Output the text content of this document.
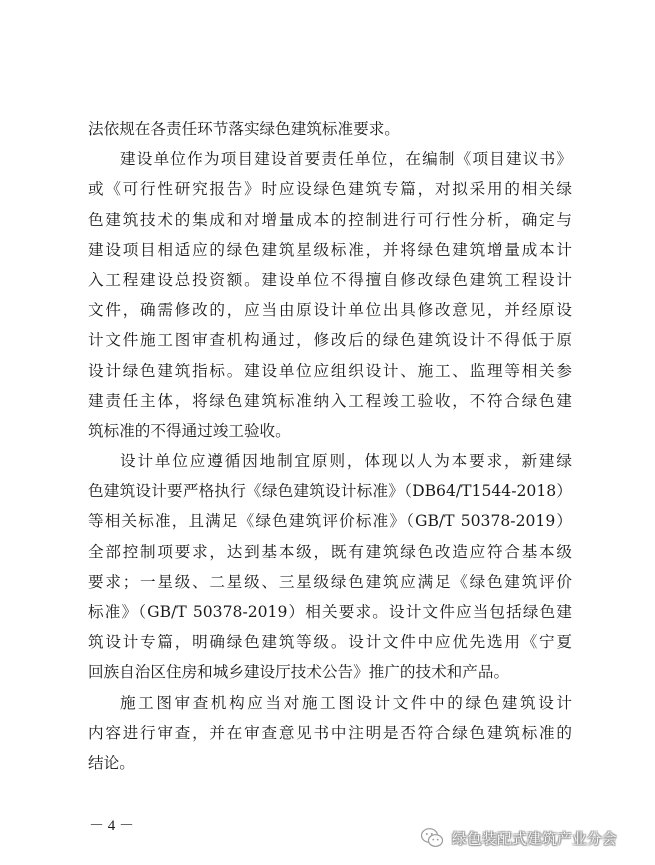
法依规在各责任环节落实绿色建筑标准要求。
建设单位作为项目建设首要责任单位，在编制《项目建议书》
或《可行性研究报告》时应设绿色建筑专篇，对拟采用的相关绿
色建筑技术的集成和对增量成本的控制进行可行性分析，确定与
建设项目相适应的绿色建筑星级标准，并将绿色建筑增量成本计
入工程建设总投资额。建设单位不得擅自修改绿色建筑工程设计
文件，确需修改的，应当由原设计单位出具修改意见，并经原设
计文件施工图审查机构通过，修改后的绿色建筑设计不得低于原
设计绿色建筑指标。建设单位应组织设计、施工、监理等相关参
建责任主体，将绿色建筑标准纳入工程竣工验收，不符合绿色建
筑标准的不得通过竣工验收。
设计单位应遵循因地制宜原则，体现以人为本要求，新建绿
色建筑设计要严格执行《绿色建筑设计标准》（DB64/T1544-2018）
等相关标准，且满足《绿色建筑评价标准》（GB/T 50378-2019）
全部控制项要求，达到基本级，既有建筑绿色改造应符合基本级
要求；一星级、二星级、三星级绿色建筑应满足《绿色建筑评价
标准》（GB/T 50378-2019）相关要求。设计文件应当包括绿色建
筑设计专篇，明确绿色建筑等级。设计文件中应优先选用《宁夏
回族自治区住房和城乡建设厅技术公告》推广的技术和产品。
施工图审查机构应当对施工图设计文件中的绿色建筑设计
内容进行审查，并在审查意见书中注明是否符合绿色建筑标准的
结论。
－ 4 －
绿色装配式建筑产业分会
